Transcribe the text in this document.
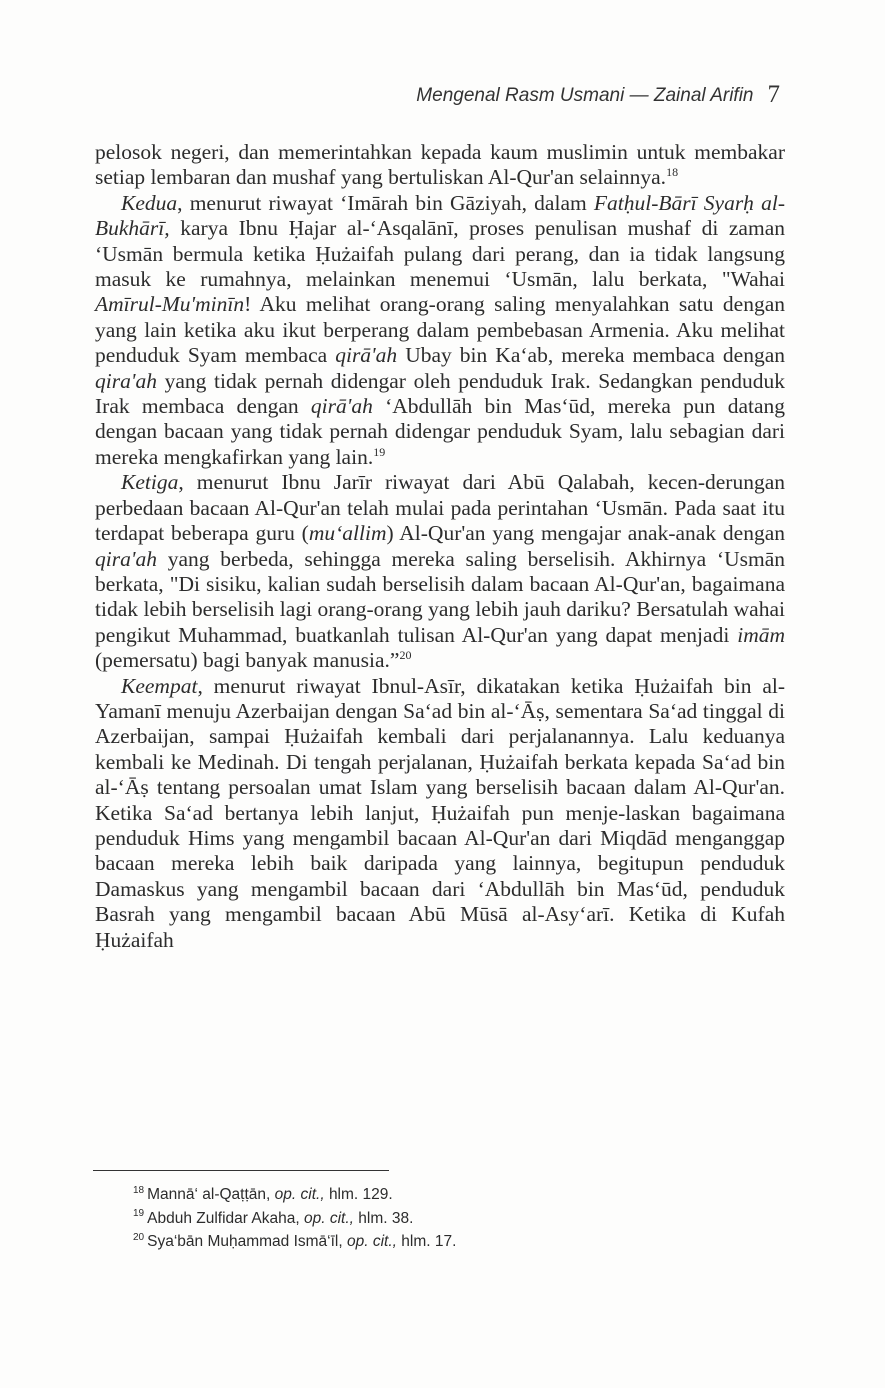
Mengenal Rasm Usmani — Zainal Arifin 7

pelosok negeri, dan memerintahkan kepada kaum muslimin untuk membakar setiap lembaran dan mushaf yang bertuliskan Al-Qur'an selainnya.$^{18}$

Kedua, menurut riwayat ‘Imārah bin Gāziyah, dalam Fatḥul-Bārī Syarḥ al-Bukhārī, karya Ibnu Ḥajar al-‘Asqalānī, proses penulisan mushaf di zaman ‘Usmān bermula ketika Ḥużaifah pulang dari perang, dan ia tidak langsung masuk ke rumahnya, melainkan menemui ‘Usmān, lalu berkata, "Wahai Amīrul-Mu'minīn! Aku melihat orang-orang saling menyalahkan satu dengan yang lain ketika aku ikut berperang dalam pembebasan Armenia. Aku melihat penduduk Syam membaca qirā'ah Ubay bin Ka‘ab, mereka membaca dengan qira'ah yang tidak pernah didengar oleh penduduk Irak. Sedangkan penduduk Irak membaca dengan qirā'ah ‘Abdullāh bin Mas‘ūd, mereka pun datang dengan bacaan yang tidak pernah didengar penduduk Syam, lalu sebagian dari mereka mengkafirkan yang lain.$^{19}$

Ketiga, menurut Ibnu Jarīr riwayat dari Abū Qalabah, kecen-derungan perbedaan bacaan Al-Qur'an telah mulai pada perintahan ‘Usmān. Pada saat itu terdapat beberapa guru (mu‘allim) Al-Qur'an yang mengajar anak-anak dengan qira'ah yang berbeda, sehingga mereka saling berselisih. Akhirnya ‘Usmān berkata, "Di sisiku, kalian sudah berselisih dalam bacaan Al-Qur'an, bagaimana tidak lebih berselisih lagi orang-orang yang lebih jauh dariku? Bersatulah wahai pengikut Muhammad, buatkanlah tulisan Al-Qur'an yang dapat menjadi imām (pemersatu) bagi banyak manusia.”$^{20}$

Keempat, menurut riwayat Ibnul-Asīr, dikatakan ketika Ḥużaifah bin al-Yamanī menuju Azerbaijan dengan Sa‘ad bin al-‘Āṣ, sementara Sa‘ad tinggal di Azerbaijan, sampai Ḥużaifah kembali dari perjalanannya. Lalu keduanya kembali ke Medinah. Di tengah perjalanan, Ḥużaifah berkata kepada Sa‘ad bin al-‘Āṣ tentang persoalan umat Islam yang berselisih bacaan dalam Al-Qur'an. Ketika Sa‘ad bertanya lebih lanjut, Ḥużaifah pun menje-laskan bagaimana penduduk Hims yang mengambil bacaan Al-Qur'an dari Miqdād menganggap bacaan mereka lebih baik daripada yang lainnya, begitupun penduduk Damaskus yang mengambil bacaan dari ‘Abdullāh bin Mas‘ūd, penduduk Basrah yang mengambil bacaan Abū Mūsā al-Asy‘arī. Ketika di Kufah Ḥużaifah

$^{18}$ Mannā‘ al-Qaṭṭān, op. cit., hlm. 129.
$^{19}$ Abduh Zulfidar Akaha, op. cit., hlm. 38.
$^{20}$ Sya‘bān Muḥammad Ismā‘īl, op. cit., hlm. 17.
